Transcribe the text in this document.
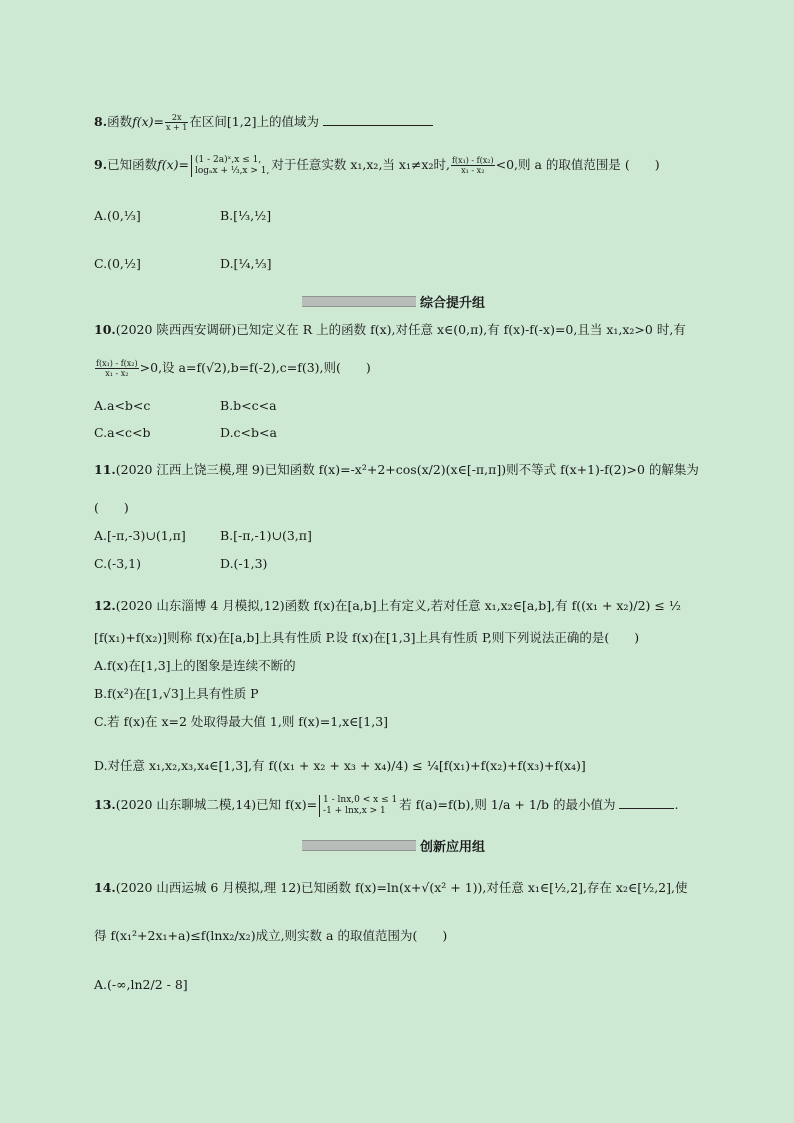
8.函数$f(x)= \frac{2x}{x + 1}$ 在区间[1,2]上的值域为
9.已知函数f(x)= (1 - 2a)ˣ,x ≤ 1,
logₐx + ⅓,x > 1, 对于任意实数 x₁,x₂,当 x₁≠x₂时, $\frac{\text{f(x₁) - f(x₂)}}{\text{x₁ - x₂}} <0$,则 a 的取值范围是 (　　)
A.(0,⅓]	B.[⅓,½]
C.(0,½]	D.[¼,⅓]
综合提升组
10.(2020 陕西西安调研)已知定义在 R 上的函数 f(x),对任意 x∈(0,π),有 f(x)-f(-x)=0,且当 x₁,x₂>0 时,有
$\frac{\text{f(x₁) - f(x₂)}}{\text{x₁ - x₂}} >0$,设 a=f(√2),b=f(-2),c=f(3),则(　　)
A.a<b<c	B.b<c<a
C.a<c<b	D.c<b<a
11.(2020 江西上饶三模,理 9)已知函数 f(x)=-x²+2+cos(x/2)(x∈[-π,π])则不等式 f(x+1)-f(2)>0 的解集为
(　　)
A.[-π,-3)∪(1,π]	B.[-π,-1)∪(3,π]
C.(-3,1)	D.(-1,3)
12.(2020 山东淄博 4 月模拟,12)函数 f(x)在[a,b]上有定义,若对任意 x₁,x₂∈[a,b],有 f((x₁ + x₂)/2) ≤ ½
[f(x₁)+f(x₂)]则称 f(x)在[a,b]上具有性质 P.设 f(x)在[1,3]上具有性质 P,则下列说法正确的是(　　)
A.f(x)在[1,3]上的图象是连续不断的
B.f(x²)在[1,√3]上具有性质 P
C.若 f(x)在 x=2 处取得最大值 1,则 f(x)=1,x∈[1,3]
D.对任意 x₁,x₂,x₃,x₄∈[1,3],有 f((x₁ + x₂ + x₃ + x₄)/4) ≤ ¼[f(x₁)+f(x₂)+f(x₃)+f(x₄)]
13.(2020 山东聊城二模,14)已知 f(x)= 1 - lnx,0 < x ≤ 1
-1 + lnx,x > 1	若 f(a)=f(b),则 1/a + 1/b 的最小值为	.
创新应用组
14.(2020 山西运城 6 月模拟,理 12)已知函数 f(x)=ln(x+√(x² + 1)),对任意 x₁∈[½,2],存在 x₂∈[½,2],使
得 f(x₁²+2x₁+a)≤f(lnx₂/x₂)成立,则实数 a 的取值范围为(　　)
A.(-∞,ln2/2 - 8]
